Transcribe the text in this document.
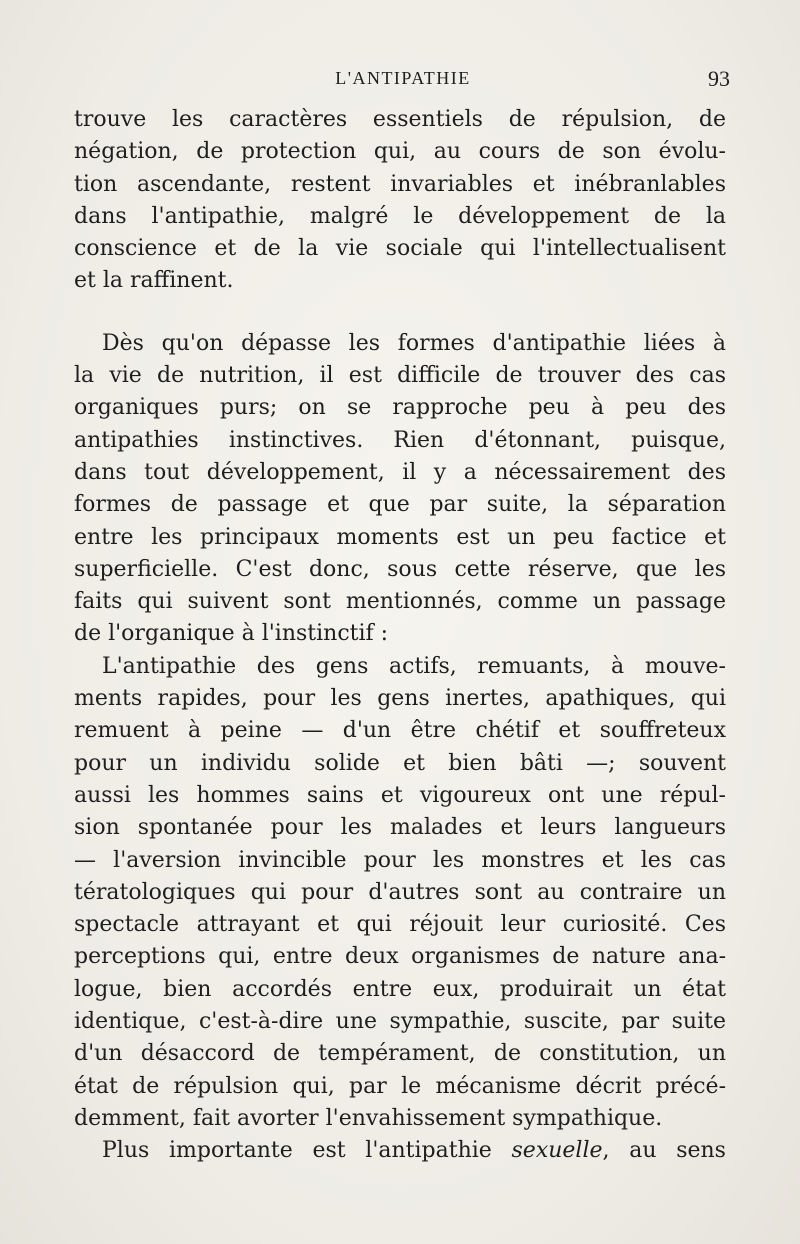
L'ANTIPATHIE	93
trouve les caractères essentiels de répulsion, de
négation, de protection qui, au cours de son évolu-
tion ascendante, restent invariables et inébranlables
dans l'antipathie, malgré le développement de la
conscience et de la vie sociale qui l'intellectualisent
et la raffinent.
Dès qu'on dépasse les formes d'antipathie liées à
la vie de nutrition, il est difficile de trouver des cas
organiques purs; on se rapproche peu à peu des
antipathies instinctives. Rien d'étonnant, puisque,
dans tout développement, il y a nécessairement des
formes de passage et que par suite, la séparation
entre les principaux moments est un peu factice et
superficielle. C'est donc, sous cette réserve, que les
faits qui suivent sont mentionnés, comme un passage
de l'organique à l'instinctif :
L'antipathie des gens actifs, remuants, à mouve-
ments rapides, pour les gens inertes, apathiques, qui
remuent à peine — d'un être chétif et souffreteux
pour un individu solide et bien bâti —; souvent
aussi les hommes sains et vigoureux ont une répul-
sion spontanée pour les malades et leurs langueurs
— l'aversion invincible pour les monstres et les cas
tératologiques qui pour d'autres sont au contraire un
spectacle attrayant et qui réjouit leur curiosité. Ces
perceptions qui, entre deux organismes de nature ana-
logue, bien accordés entre eux, produirait un état
identique, c'est-à-dire une sympathie, suscite, par suite
d'un désaccord de tempérament, de constitution, un
état de répulsion qui, par le mécanisme décrit précé-
demment, fait avorter l'envahissement sympathique.
Plus importante est l'antipathie sexuelle, au sens
